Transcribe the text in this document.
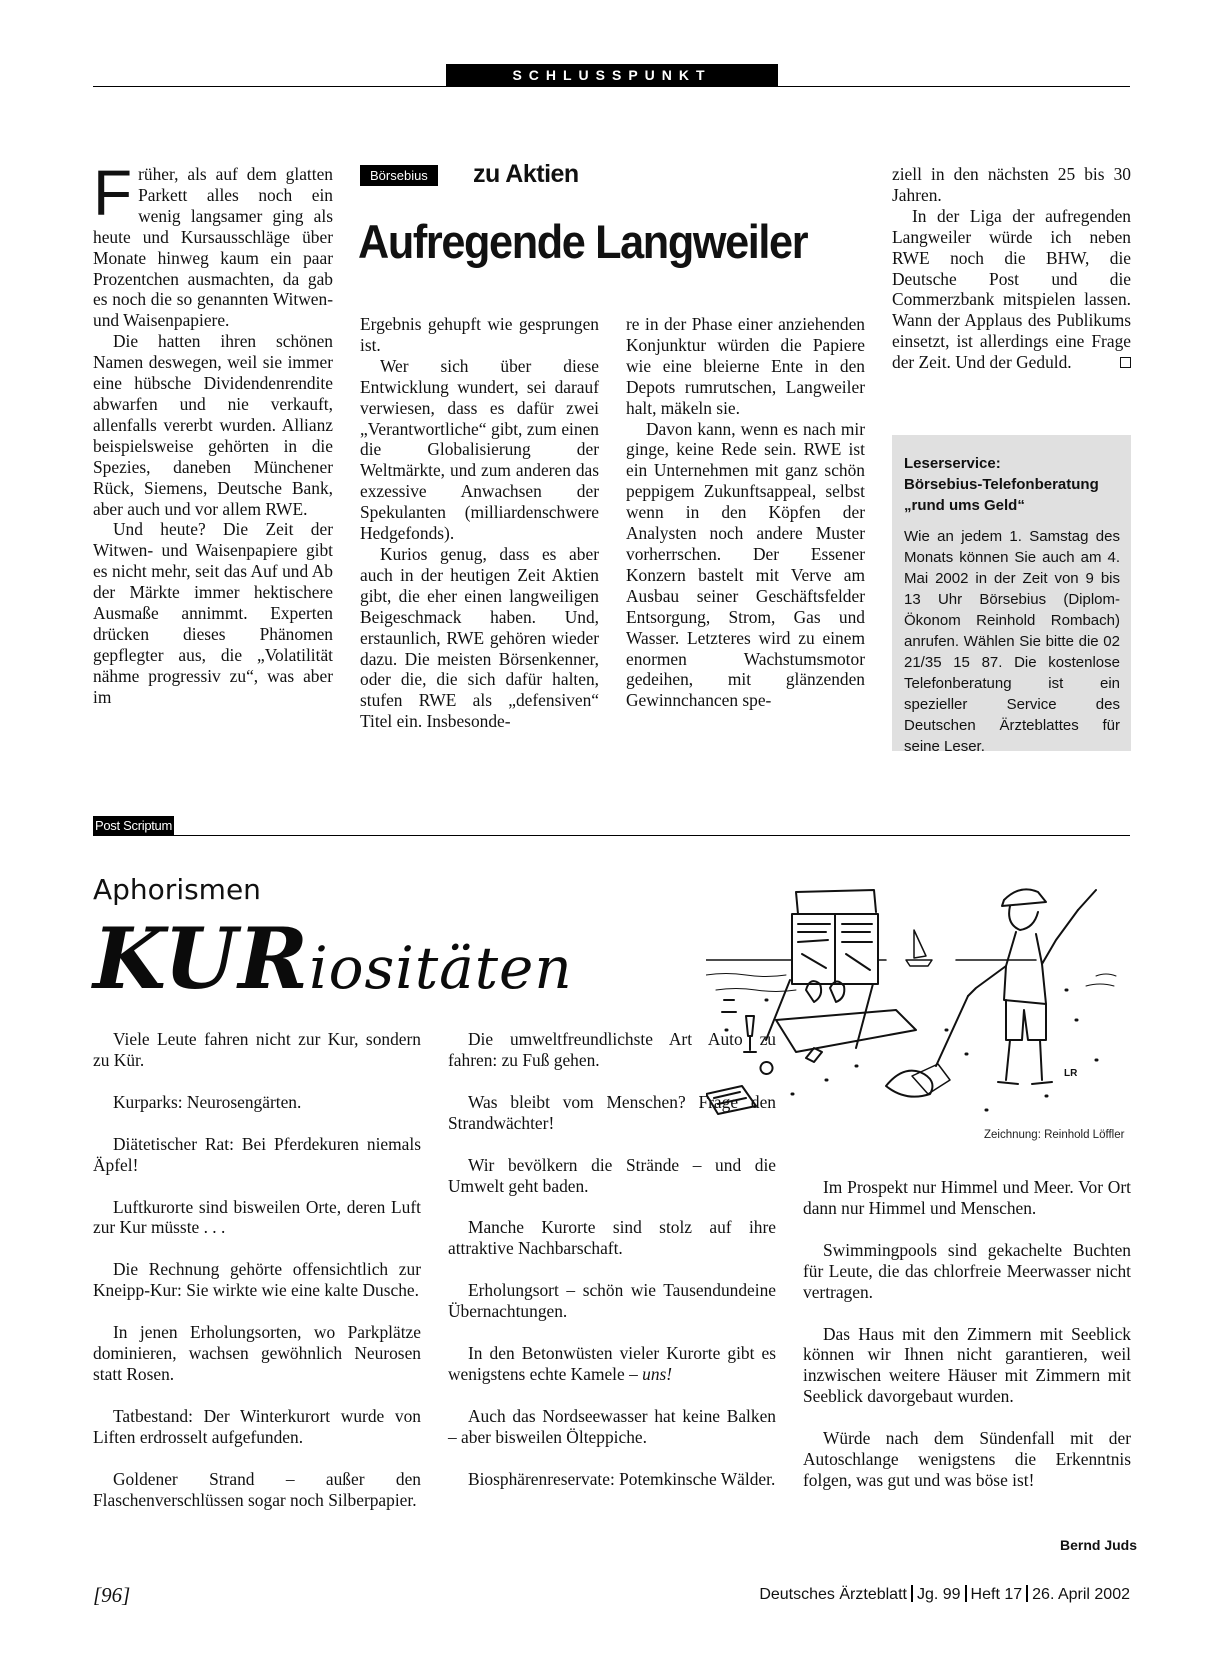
SCHLUSSPUNKT
F rüher, als auf dem glatten Parkett alles noch ein wenig langsamer ging als heute und Kursausschläge über Monate hinweg kaum ein paar Prozentchen ausmachten, da gab es noch die so genannten Witwen- und Waisenpapiere.

Die hatten ihren schönen Namen deswegen, weil sie immer eine hübsche Dividendenrendite abwarfen und nie verkauft, allenfalls vererbt wurden. Allianz beispielsweise gehörten in die Spezies, daneben Münchener Rück, Siemens, Deutsche Bank, aber auch und vor allem RWE.

Und heute? Die Zeit der Witwen- und Waisenpapiere gibt es nicht mehr, seit das Auf und Ab der Märkte immer hektischere Ausmaße annimmt. Experten drücken dieses Phänomen gepflegter aus, die „Volatilität nähme progressiv zu“, was aber im

Börsebius	zu Aktien
Aufregende Langweiler

Ergebnis gehupft wie gesprungen ist.

Wer sich über diese Entwicklung wundert, sei darauf verwiesen, dass es dafür zwei „Verantwortliche“ gibt, zum einen die Globalisierung der Weltmärkte, und zum anderen das exzessive Anwachsen der Spekulanten (milliardenschwere Hedgefonds).

Kurios genug, dass es aber auch in der heutigen Zeit Aktien gibt, die eher einen langweiligen Beigeschmack haben. Und, erstaunlich, RWE gehören wieder dazu. Die meisten Börsenkenner, oder die, die sich dafür halten, stufen RWE als „defensiven“ Titel ein. Insbesonde-

re in der Phase einer anziehenden Konjunktur würden die Papiere wie eine bleierne Ente in den Depots rumrutschen, Langweiler halt, mäkeln sie.

Davon kann, wenn es nach mir ginge, keine Rede sein. RWE ist ein Unternehmen mit ganz schön peppigem Zukunftsappeal, selbst wenn in den Köpfen der Analysten noch andere Muster vorherrschen. Der Essener Konzern bastelt mit Verve am Ausbau seiner Geschäftsfelder Entsorgung, Strom, Gas und Wasser. Letzteres wird zu einem enormen Wachstumsmotor gedeihen, mit glänzenden Gewinnchancen spe-

ziell in den nächsten 25 bis 30 Jahren.

In der Liga der aufregenden Langweiler würde ich neben RWE noch die BHW, die Deutsche Post und die Commerzbank mitspielen lassen. Wann der Applaus des Publikums einsetzt, ist allerdings eine Frage der Zeit. Und der Geduld.

Leserservice:
Börsebius-Telefonberatung
„rund ums Geld“
Wie an jedem 1. Samstag des Monats können Sie auch am 4. Mai 2002 in der Zeit von 9 bis 13 Uhr Börsebius (Diplom-Ökonom Reinhold Rombach) anrufen. Wählen Sie bitte die 02 21/35 15 87. Die kostenlose Telefonberatung ist ein spezieller Service des Deutschen Ärzteblattes für seine Leser.
Post Scriptum
Aphorismen
KURiositäten

Viele Leute fahren nicht zur Kur, sondern zu Kür.

Kurparks: Neurosengärten.

Diätetischer Rat: Bei Pferdekuren niemals Äpfel!

Luftkurorte sind bisweilen Orte, deren Luft zur Kur müsste . . .

Die Rechnung gehörte offensichtlich zur Kneipp-Kur: Sie wirkte wie eine kalte Dusche.

In jenen Erholungsorten, wo Parkplätze dominieren, wachsen gewöhnlich Neurosen statt Rosen.

Tatbestand: Der Winterkurort wurde von Liften erdrosselt aufgefunden.

Goldener Strand – außer den Flaschenverschlüssen sogar noch Silberpapier.

Die umweltfreundlichste Art Auto zu fahren: zu Fuß gehen.

Was bleibt vom Menschen? Frage den Strandwächter!

Wir bevölkern die Strände – und die Umwelt geht baden.

Manche Kurorte sind stolz auf ihre attraktive Nachbarschaft.

Erholungsort – schön wie Tausendundeine Übernachtungen.

In den Betonwüsten vieler Kurorte gibt es wenigstens echte Kamele – uns!

Auch das Nordseewasser hat keine Balken – aber bisweilen Ölteppiche.

Biosphärenreservate: Potemkinsche Wälder.

LR
Zeichnung: Reinhold Löffler

Im Prospekt nur Himmel und Meer. Vor Ort dann nur Himmel und Menschen.

Swimmingpools sind gekachelte Buchten für Leute, die das chlorfreie Meerwasser nicht vertragen.

Das Haus mit den Zimmern mit Seeblick können wir Ihnen nicht garantieren, weil inzwischen weitere Häuser mit Zimmern mit Seeblick davorgebaut wurden.

Würde nach dem Sündenfall mit der Autoschlange wenigstens die Erkenntnis folgen, was gut und was böse ist!

Bernd Juds
[96]	Deutsches Ärzteblatt Jg. 99 Heft 17 26. April 2002
